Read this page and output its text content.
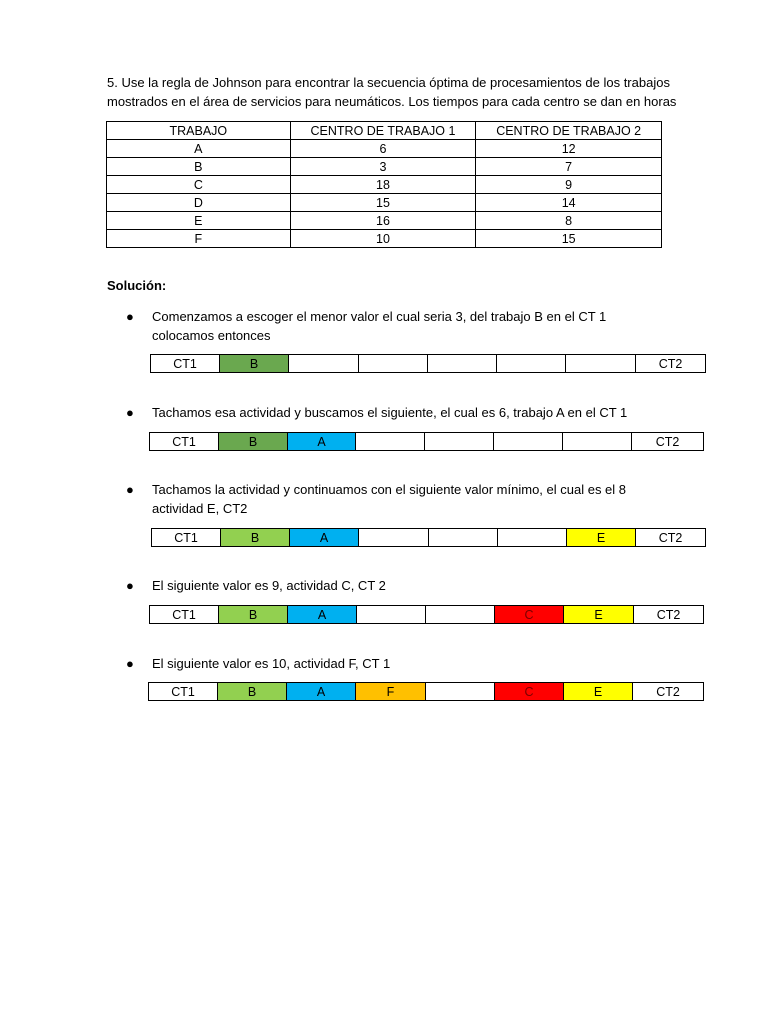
5. Use la regla de Johnson para encontrar la secuencia óptima de procesamientos de los trabajos
mostrados en el área de servicios para neumáticos. Los tiempos para cada centro se dan en horas
TRABAJO	CENTRO DE TRABAJO 1	CENTRO DE TRABAJO 2
A	6	12
B	3	7
C	18	9
D	15	14
E	16	8
F	10	15
Solución:
● Comenzamos a escoger el menor valor el cual seria 3, del trabajo B en el CT 1 colocamos entonces
CT1	B						CT2
● Tachamos esa actividad y buscamos el siguiente, el cual es 6, trabajo A en el CT 1
CT1	B	A					CT2
● Tachamos la actividad y continuamos con el siguiente valor mínimo, el cual es el 8 actividad E, CT2
CT1	B	A				E	CT2
● El siguiente valor es 9, actividad C, CT 2
CT1	B	A			C	E	CT2
● El siguiente valor es 10, actividad F, CT 1
CT1	B	A	F		C	E	CT2
